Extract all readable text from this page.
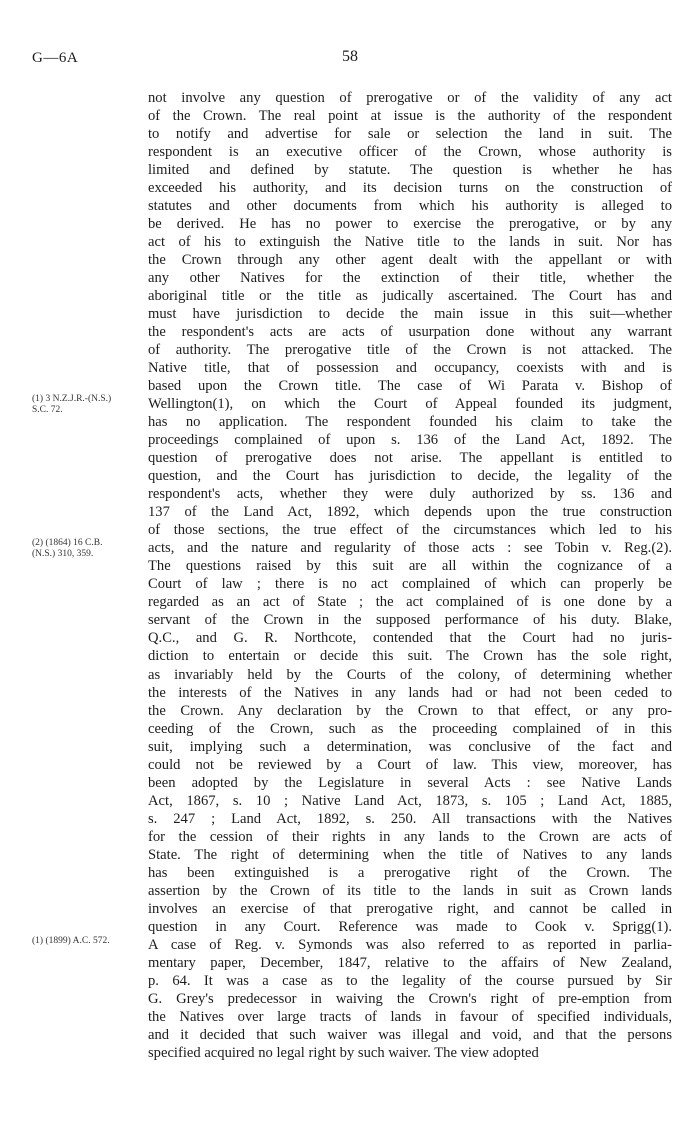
G—6A	58
(1) 3 N.Z.J.R.-(N.S.)
S.C. 72.
(2) (1864) 16 C.B.
(N.S.) 310, 359.
(1) (1899) A.C. 572.
not involve any question of prerogative or of the validity of any act
of the Crown. The real point at issue is the authority of the respondent
to notify and advertise for sale or selection the land in suit. The
respondent is an executive officer of the Crown, whose authority is
limited and defined by statute. The question is whether he has
exceeded his authority, and its decision turns on the construction of
statutes and other documents from which his authority is alleged to
be derived. He has no power to exercise the prerogative, or by any
act of his to extinguish the Native title to the lands in suit. Nor has
the Crown through any other agent dealt with the appellant or with
any other Natives for the extinction of their title, whether the
aboriginal title or the title as judically ascertained. The Court has and
must have jurisdiction to decide the main issue in this suit—whether
the respondent's acts are acts of usurpation done without any warrant
of authority. The prerogative title of the Crown is not attacked. The
Native title, that of possession and occupancy, coexists with and is
based upon the Crown title. The case of Wi Parata v. Bishop of
Wellington(1), on which the Court of Appeal founded its judgment,
has no application. The respondent founded his claim to take the
proceedings complained of upon s. 136 of the Land Act, 1892. The
question of prerogative does not arise. The appellant is entitled to
question, and the Court has jurisdiction to decide, the legality of the
respondent's acts, whether they were duly authorized by ss. 136 and
137 of the Land Act, 1892, which depends upon the true construction
of those sections, the true effect of the circumstances which led to his
acts, and the nature and regularity of those acts : see Tobin v. Reg.(2).
The questions raised by this suit are all within the cognizance of a
Court of law ; there is no act complained of which can properly be
regarded as an act of State ; the act complained of is one done by a
servant of the Crown in the supposed performance of his duty. Blake,
Q.C., and G. R. Northcote, contended that the Court had no juris-
diction to entertain or decide this suit. The Crown has the sole right,
as invariably held by the Courts of the colony, of determining whether
the interests of the Natives in any lands had or had not been ceded to
the Crown. Any declaration by the Crown to that effect, or any pro-
ceeding of the Crown, such as the proceeding complained of in this
suit, implying such a determination, was conclusive of the fact and
could not be reviewed by a Court of law. This view, moreover, has
been adopted by the Legislature in several Acts : see Native Lands
Act, 1867, s. 10 ; Native Land Act, 1873, s. 105 ; Land Act, 1885,
s. 247 ; Land Act, 1892, s. 250. All transactions with the Natives
for the cession of their rights in any lands to the Crown are acts of
State. The right of determining when the title of Natives to any lands
has been extinguished is a prerogative right of the Crown. The
assertion by the Crown of its title to the lands in suit as Crown lands
involves an exercise of that prerogative right, and cannot be called in
question in any Court. Reference was made to Cook v. Sprigg(1).
A case of Reg. v. Symonds was also referred to as reported in parlia-
mentary paper, December, 1847, relative to the affairs of New Zealand,
p. 64. It was a case as to the legality of the course pursued by Sir
G. Grey's predecessor in waiving the Crown's right of pre-emption from
the Natives over large tracts of lands in favour of specified individuals,
and it decided that such waiver was illegal and void, and that the persons
specified acquired no legal right by such waiver. The view adopted
